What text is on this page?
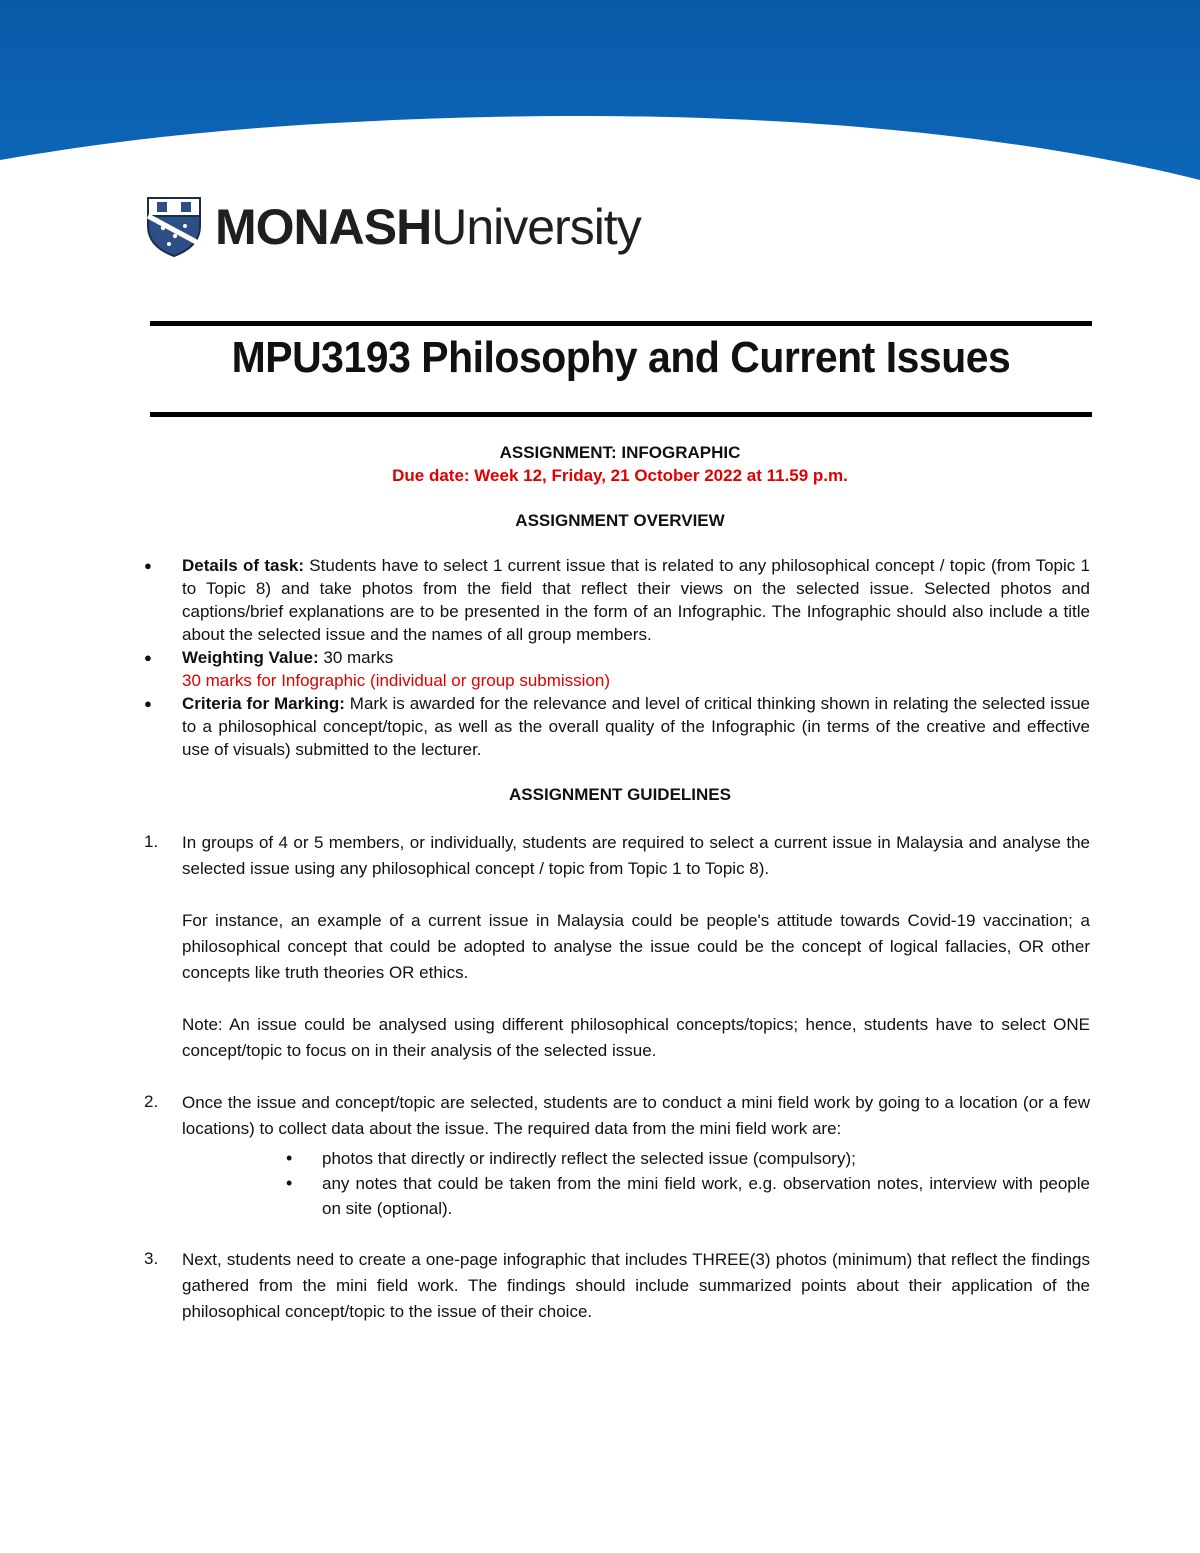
MONASH University
MPU3193 Philosophy and Current Issues
ASSIGNMENT: INFOGRAPHIC
Due date: Week 12, Friday, 21 October 2022 at 11.59 p.m.
ASSIGNMENT OVERVIEW
● Details of task: Students have to select 1 current issue that is related to any philosophical concept / topic (from Topic 1 to Topic 8) and take photos from the field that reflect their views on the selected issue. Selected photos and captions/brief explanations are to be presented in the form of an Infographic. The Infographic should also include a title about the selected issue and the names of all group members.
● Weighting Value: 30 marks
30 marks for Infographic (individual or group submission)
● Criteria for Marking: Mark is awarded for the relevance and level of critical thinking shown in relating the selected issue to a philosophical concept/topic, as well as the overall quality of the Infographic (in terms of the creative and effective use of visuals) submitted to the lecturer.
ASSIGNMENT GUIDELINES
1. In groups of 4 or 5 members, or individually, students are required to select a current issue in Malaysia and analyse the selected issue using any philosophical concept / topic from Topic 1 to Topic 8).

For instance, an example of a current issue in Malaysia could be people's attitude towards Covid-19 vaccination; a philosophical concept that could be adopted to analyse the issue could be the concept of logical fallacies, OR other concepts like truth theories OR ethics.

Note: An issue could be analysed using different philosophical concepts/topics; hence, students have to select ONE concept/topic to focus on in their analysis of the selected issue.

2. Once the issue and concept/topic are selected, students are to conduct a mini field work by going to a location (or a few locations) to collect data about the issue. The required data from the mini field work are:

• photos that directly or indirectly reflect the selected issue (compulsory);
• any notes that could be taken from the mini field work, e.g. observation notes, interview with people on site (optional).
3. Next, students need to create a one-page infographic that includes THREE(3) photos (minimum) that reflect the findings gathered from the mini field work. The findings should include summarized points about their application of the philosophical concept/topic to the issue of their choice.
